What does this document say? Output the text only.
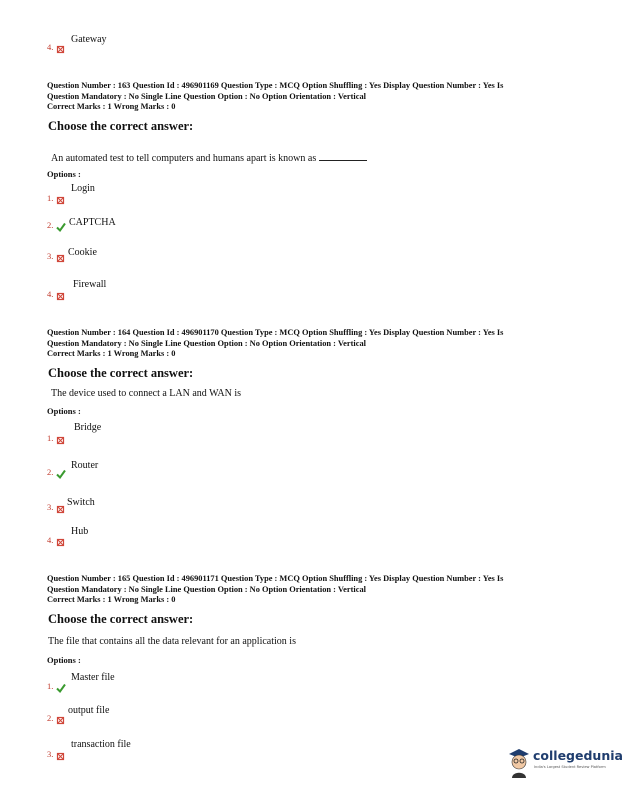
4.
Gateway
Question Number : 163 Question Id : 496901169 Question Type : MCQ Option Shuffling : Yes Display Question Number : Yes Is
Question Mandatory : No Single Line Question Option : No Option Orientation : Vertical
Correct Marks : 1 Wrong Marks : 0
Choose the correct answer:
An automated test to tell computers and humans apart is known as
Options :
1.
Login
2. CAPTCHA
3. Cookie
4.
Firewall
Question Number : 164 Question Id : 496901170 Question Type : MCQ Option Shuffling : Yes Display Question Number : Yes Is
Question Mandatory : No Single Line Question Option : No Option Orientation : Vertical
Correct Marks : 1 Wrong Marks : 0
Choose the correct answer:
The device used to connect a LAN and WAN is
Options :
1.
Bridge
2.
Router
3. Switch
4.
Hub
Question Number : 165 Question Id : 496901171 Question Type : MCQ Option Shuffling : Yes Display Question Number : Yes Is
Question Mandatory : No Single Line Question Option : No Option Orientation : Vertical
Correct Marks : 1 Wrong Marks : 0
Choose the correct answer:
The file that contains all the data relevant for an application is
Options :
1.
Master file
2.
output file
3.
transaction file
collegedunia
India's Largest Student Review Platform
